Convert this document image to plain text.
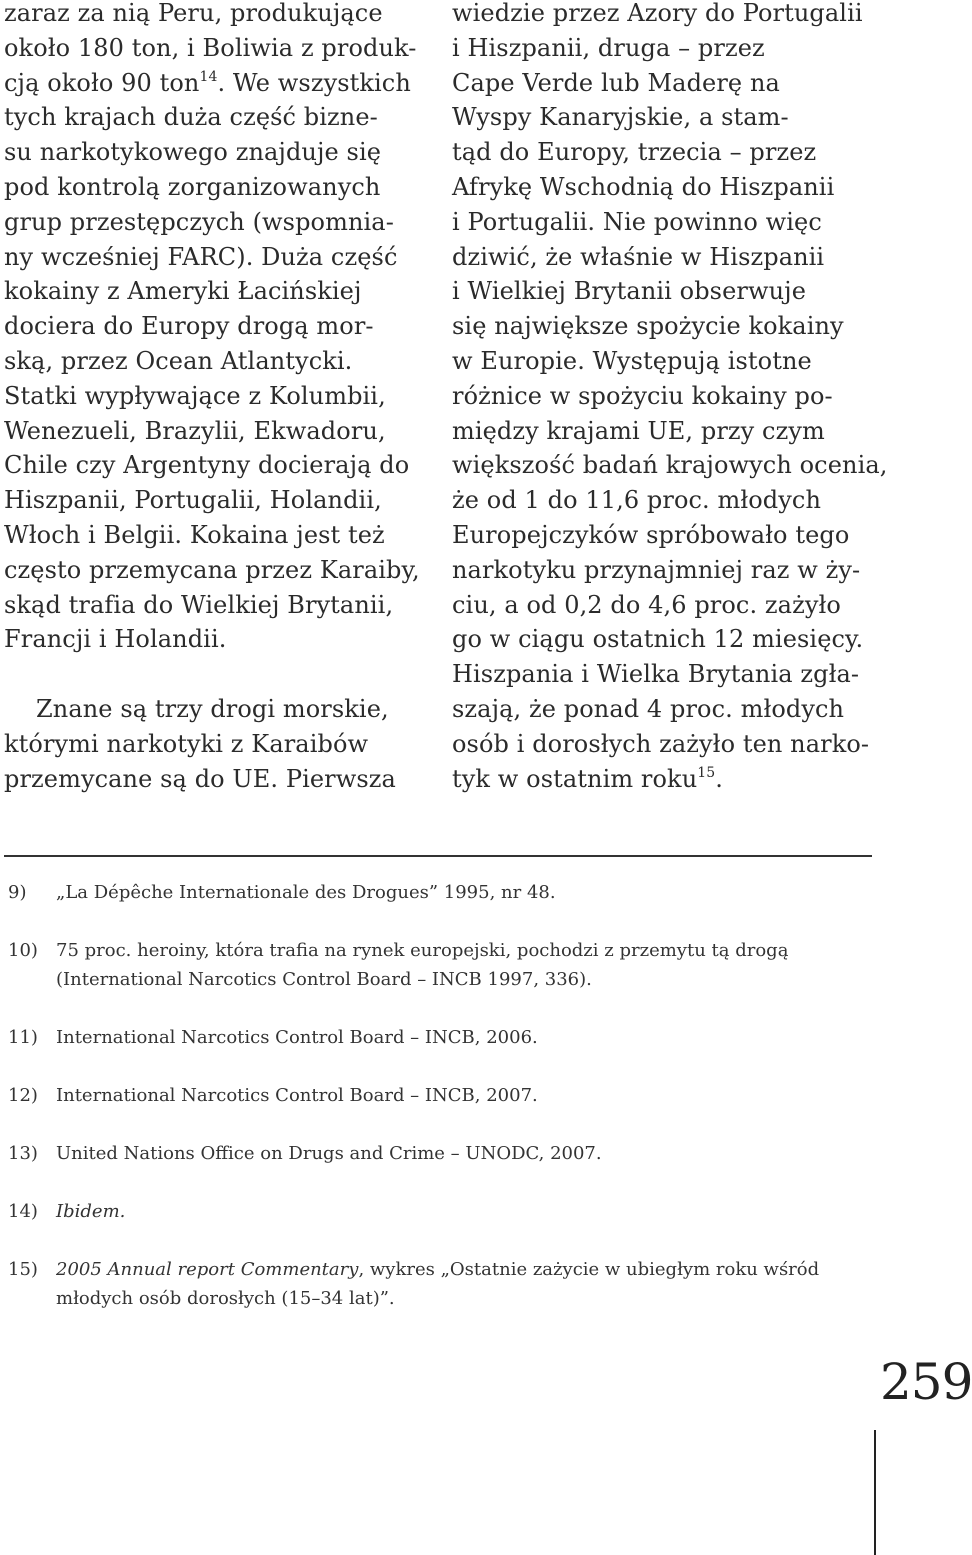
zaraz za nią Peru, produkujące
około 180 ton, i Boliwia z produk-
cją około 90 ton$^{14}$. We wszystkich
tych krajach duża część bizne-
su narkotykowego znajduje się
pod kontrolą zorganizowanych
grup przestępczych (wspomnia-
ny wcześniej FARC). Duża część
kokainy z Ameryki Łacińskiej
dociera do Europy drogą mor-
ską, przez Ocean Atlantycki.
Statki wypływające z Kolumbii,
Wenezueli, Brazylii, Ekwadoru,
Chile czy Argentyny docierają do
Hiszpanii, Portugalii, Holandii,
Włoch i Belgii. Kokaina jest też
często przemycana przez Karaiby,
skąd trafia do Wielkiej Brytanii,
Francji i Holandii.
Znane są trzy drogi morskie,
którymi narkotyki z Karaibów
przemycane są do UE. Pierwsza
wiedzie przez Azory do Portugalii
i Hiszpanii, druga – przez
Cape Verde lub Maderę na
Wyspy Kanaryjskie, a stam-
tąd do Europy, trzecia – przez
Afrykę Wschodnią do Hiszpanii
i Portugalii. Nie powinno więc
dziwić, że właśnie w Hiszpanii
i Wielkiej Brytanii obserwuje
się największe spożycie kokainy
w Europie. Występują istotne
różnice w spożyciu kokainy po-
między krajami UE, przy czym
większość badań krajowych ocenia,
że od 1 do 11,6 proc. młodych
Europejczyków spróbowało tego
narkotyku przynajmniej raz w ży-
ciu, a od 0,2 do 4,6 proc. zażyło
go w ciągu ostatnich 12 miesięcy.
Hiszpania i Wielka Brytania zgła-
szają, że ponad 4 proc. młodych
osób i dorosłych zażyło ten narko-
tyk w ostatnim roku$^{15}$.
9) „La Dépêche Internationale des Drogues” 1995, nr 48.
10) 75 proc. heroiny, która trafia na rynek europejski, pochodzi z przemytu tą drogą
(International Narcotics Control Board – INCB 1997, 336).
11) International Narcotics Control Board – INCB, 2006.
12) International Narcotics Control Board – INCB, 2007.
13) United Nations Office on Drugs and Crime – UNODC, 2007.
14) Ibidem.
15) 2005 Annual report Commentary, wykres „Ostatnie zażycie w ubiegłym roku wśród
młodych osób dorosłych (15–34 lat)”.
259
